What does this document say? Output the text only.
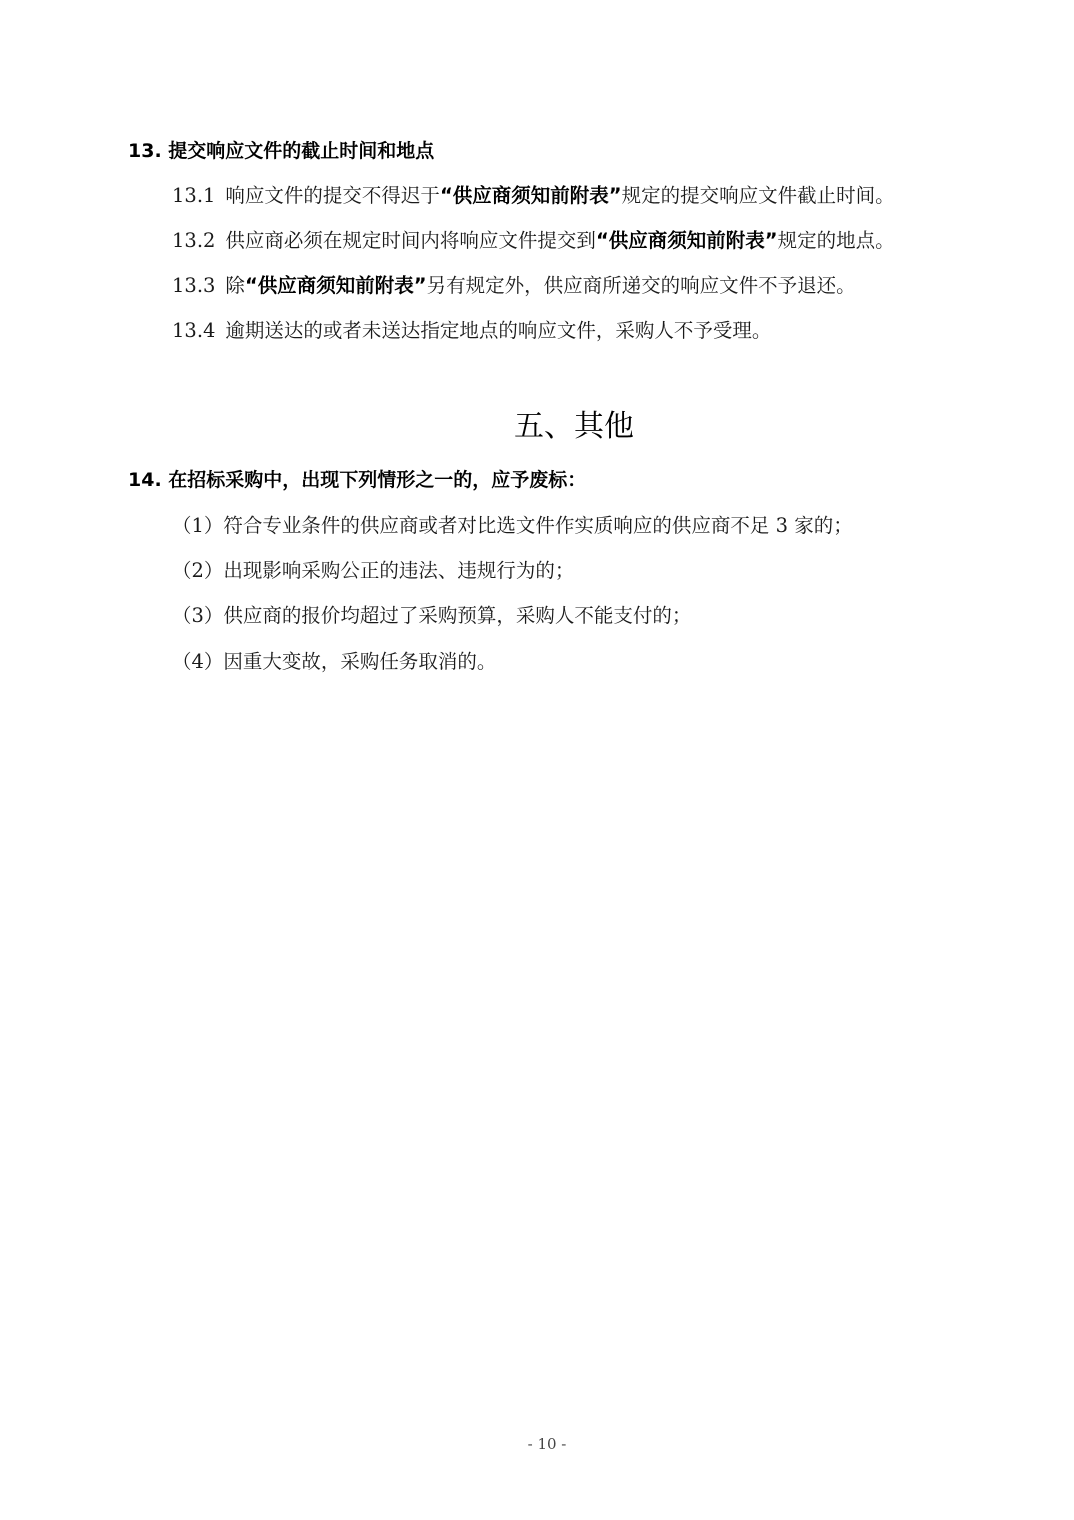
13. 提交响应文件的截止时间和地点
13.1 响应文件的提交不得迟于“供应商须知前附表”规定的提交响应文件截止时间。
13.2 供应商必须在规定时间内将响应文件提交到“供应商须知前附表”规定的地点。
13.3 除“供应商须知前附表”另有规定外，供应商所递交的响应文件不予退还。
13.4 逾期送达的或者未送达指定地点的响应文件，采购人不予受理。
五、其他
14. 在招标采购中，出现下列情形之一的，应予废标：
（1）符合专业条件的供应商或者对比选文件作实质响应的供应商不足 3 家的；
（2）出现影响采购公正的违法、违规行为的；
（3）供应商的报价均超过了采购预算，采购人不能支付的；
（4）因重大变故，采购任务取消的。
- 10 -
